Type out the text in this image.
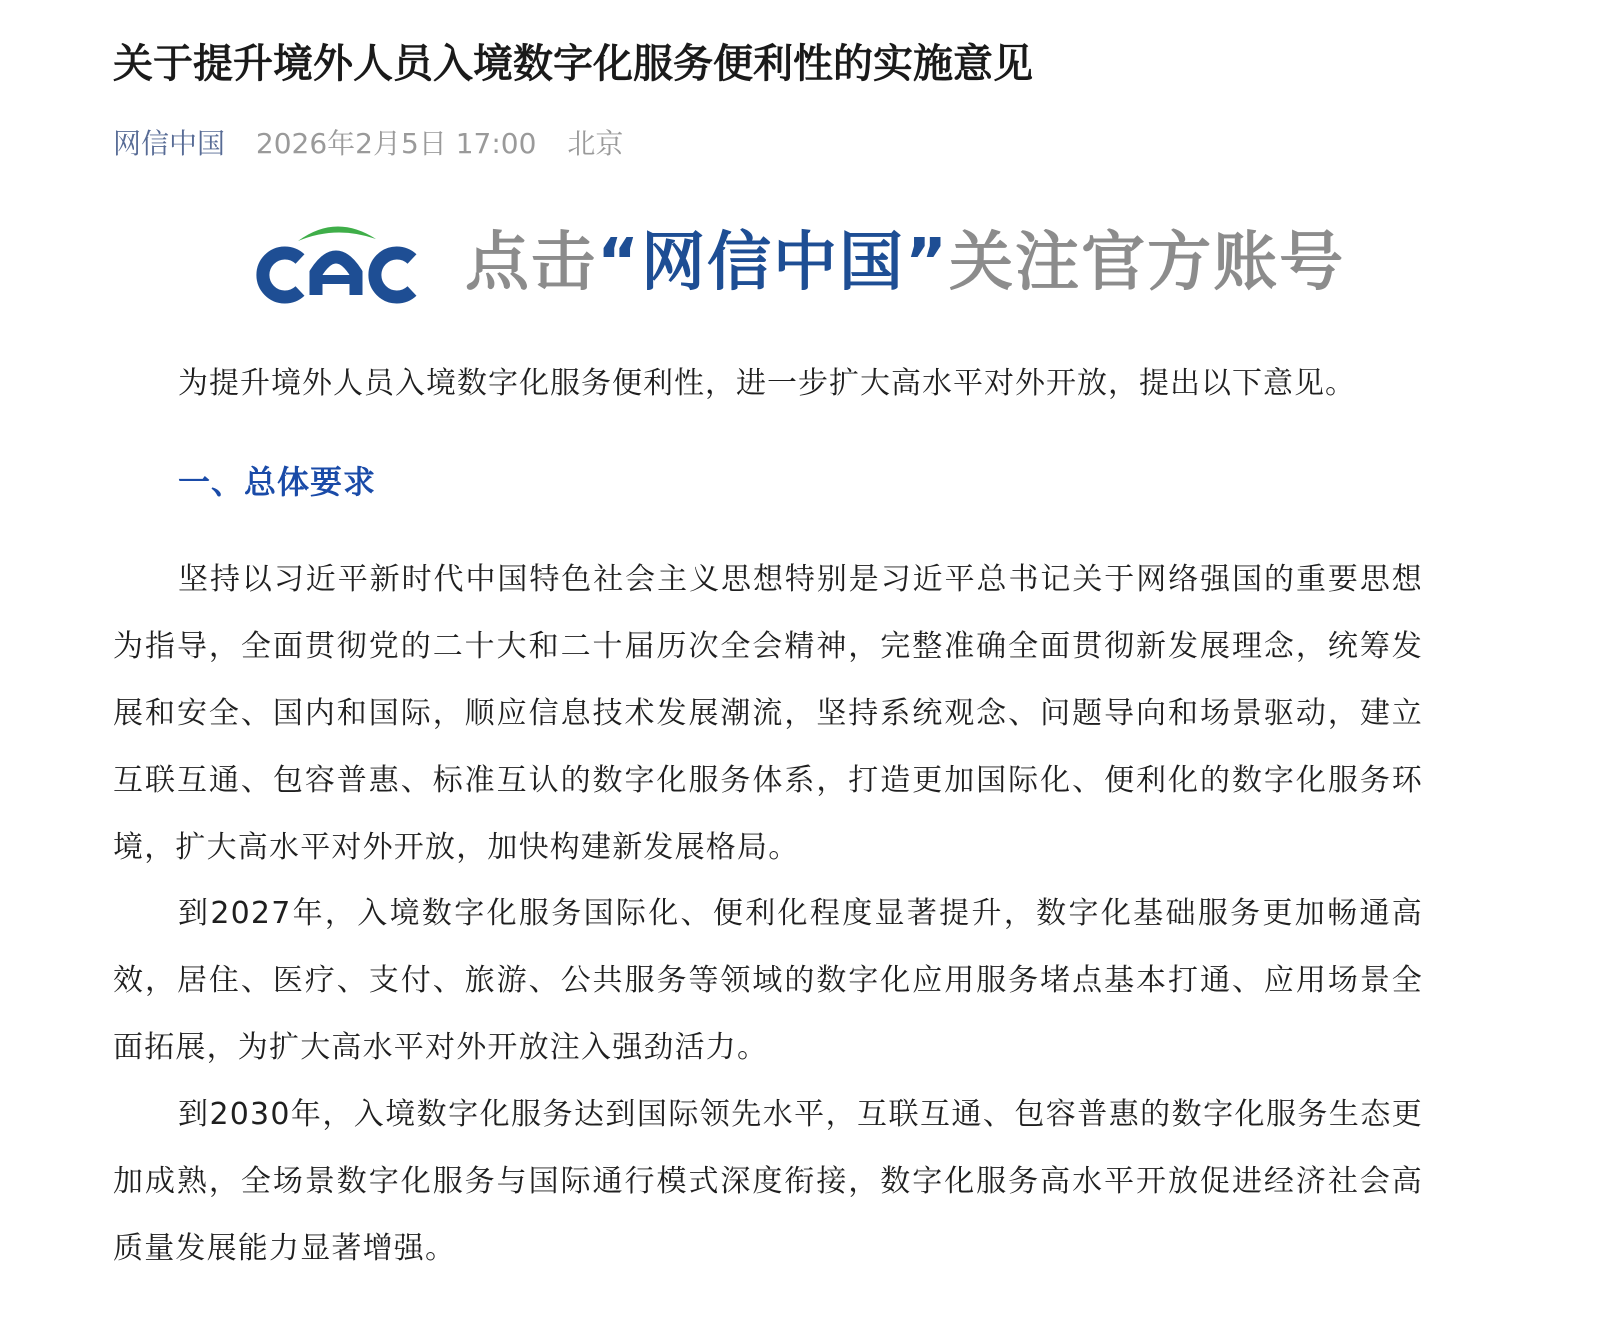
关于提升境外人员入境数字化服务便利性的实施意见
网信中国 2026年2月5日 17:00 北京
点击“网信中国”关注官方账号

为提升境外人员入境数字化服务便利性，进一步扩大高水平对外开放，提出以下意见。

一、总体要求

坚持以习近平新时代中国特色社会主义思想特别是习近平总书记关于网络强国的重要思想为指导，全面贯彻党的二十大和二十届历次全会精神，完整准确全面贯彻新发展理念，统筹发展和安全、国内和国际，顺应信息技术发展潮流，坚持系统观念、问题导向和场景驱动，建立互联互通、包容普惠、标准互认的数字化服务体系，打造更加国际化、便利化的数字化服务环境，扩大高水平对外开放，加快构建新发展格局。

到2027年，入境数字化服务国际化、便利化程度显著提升，数字化基础服务更加畅通高效，居住、医疗、支付、旅游、公共服务等领域的数字化应用服务堵点基本打通、应用场景全面拓展，为扩大高水平对外开放注入强劲活力。

到2030年，入境数字化服务达到国际领先水平，互联互通、包容普惠的数字化服务生态更加成熟，全场景数字化服务与国际通行模式深度衔接，数字化服务高水平开放促进经济社会高质量发展能力显著增强。
